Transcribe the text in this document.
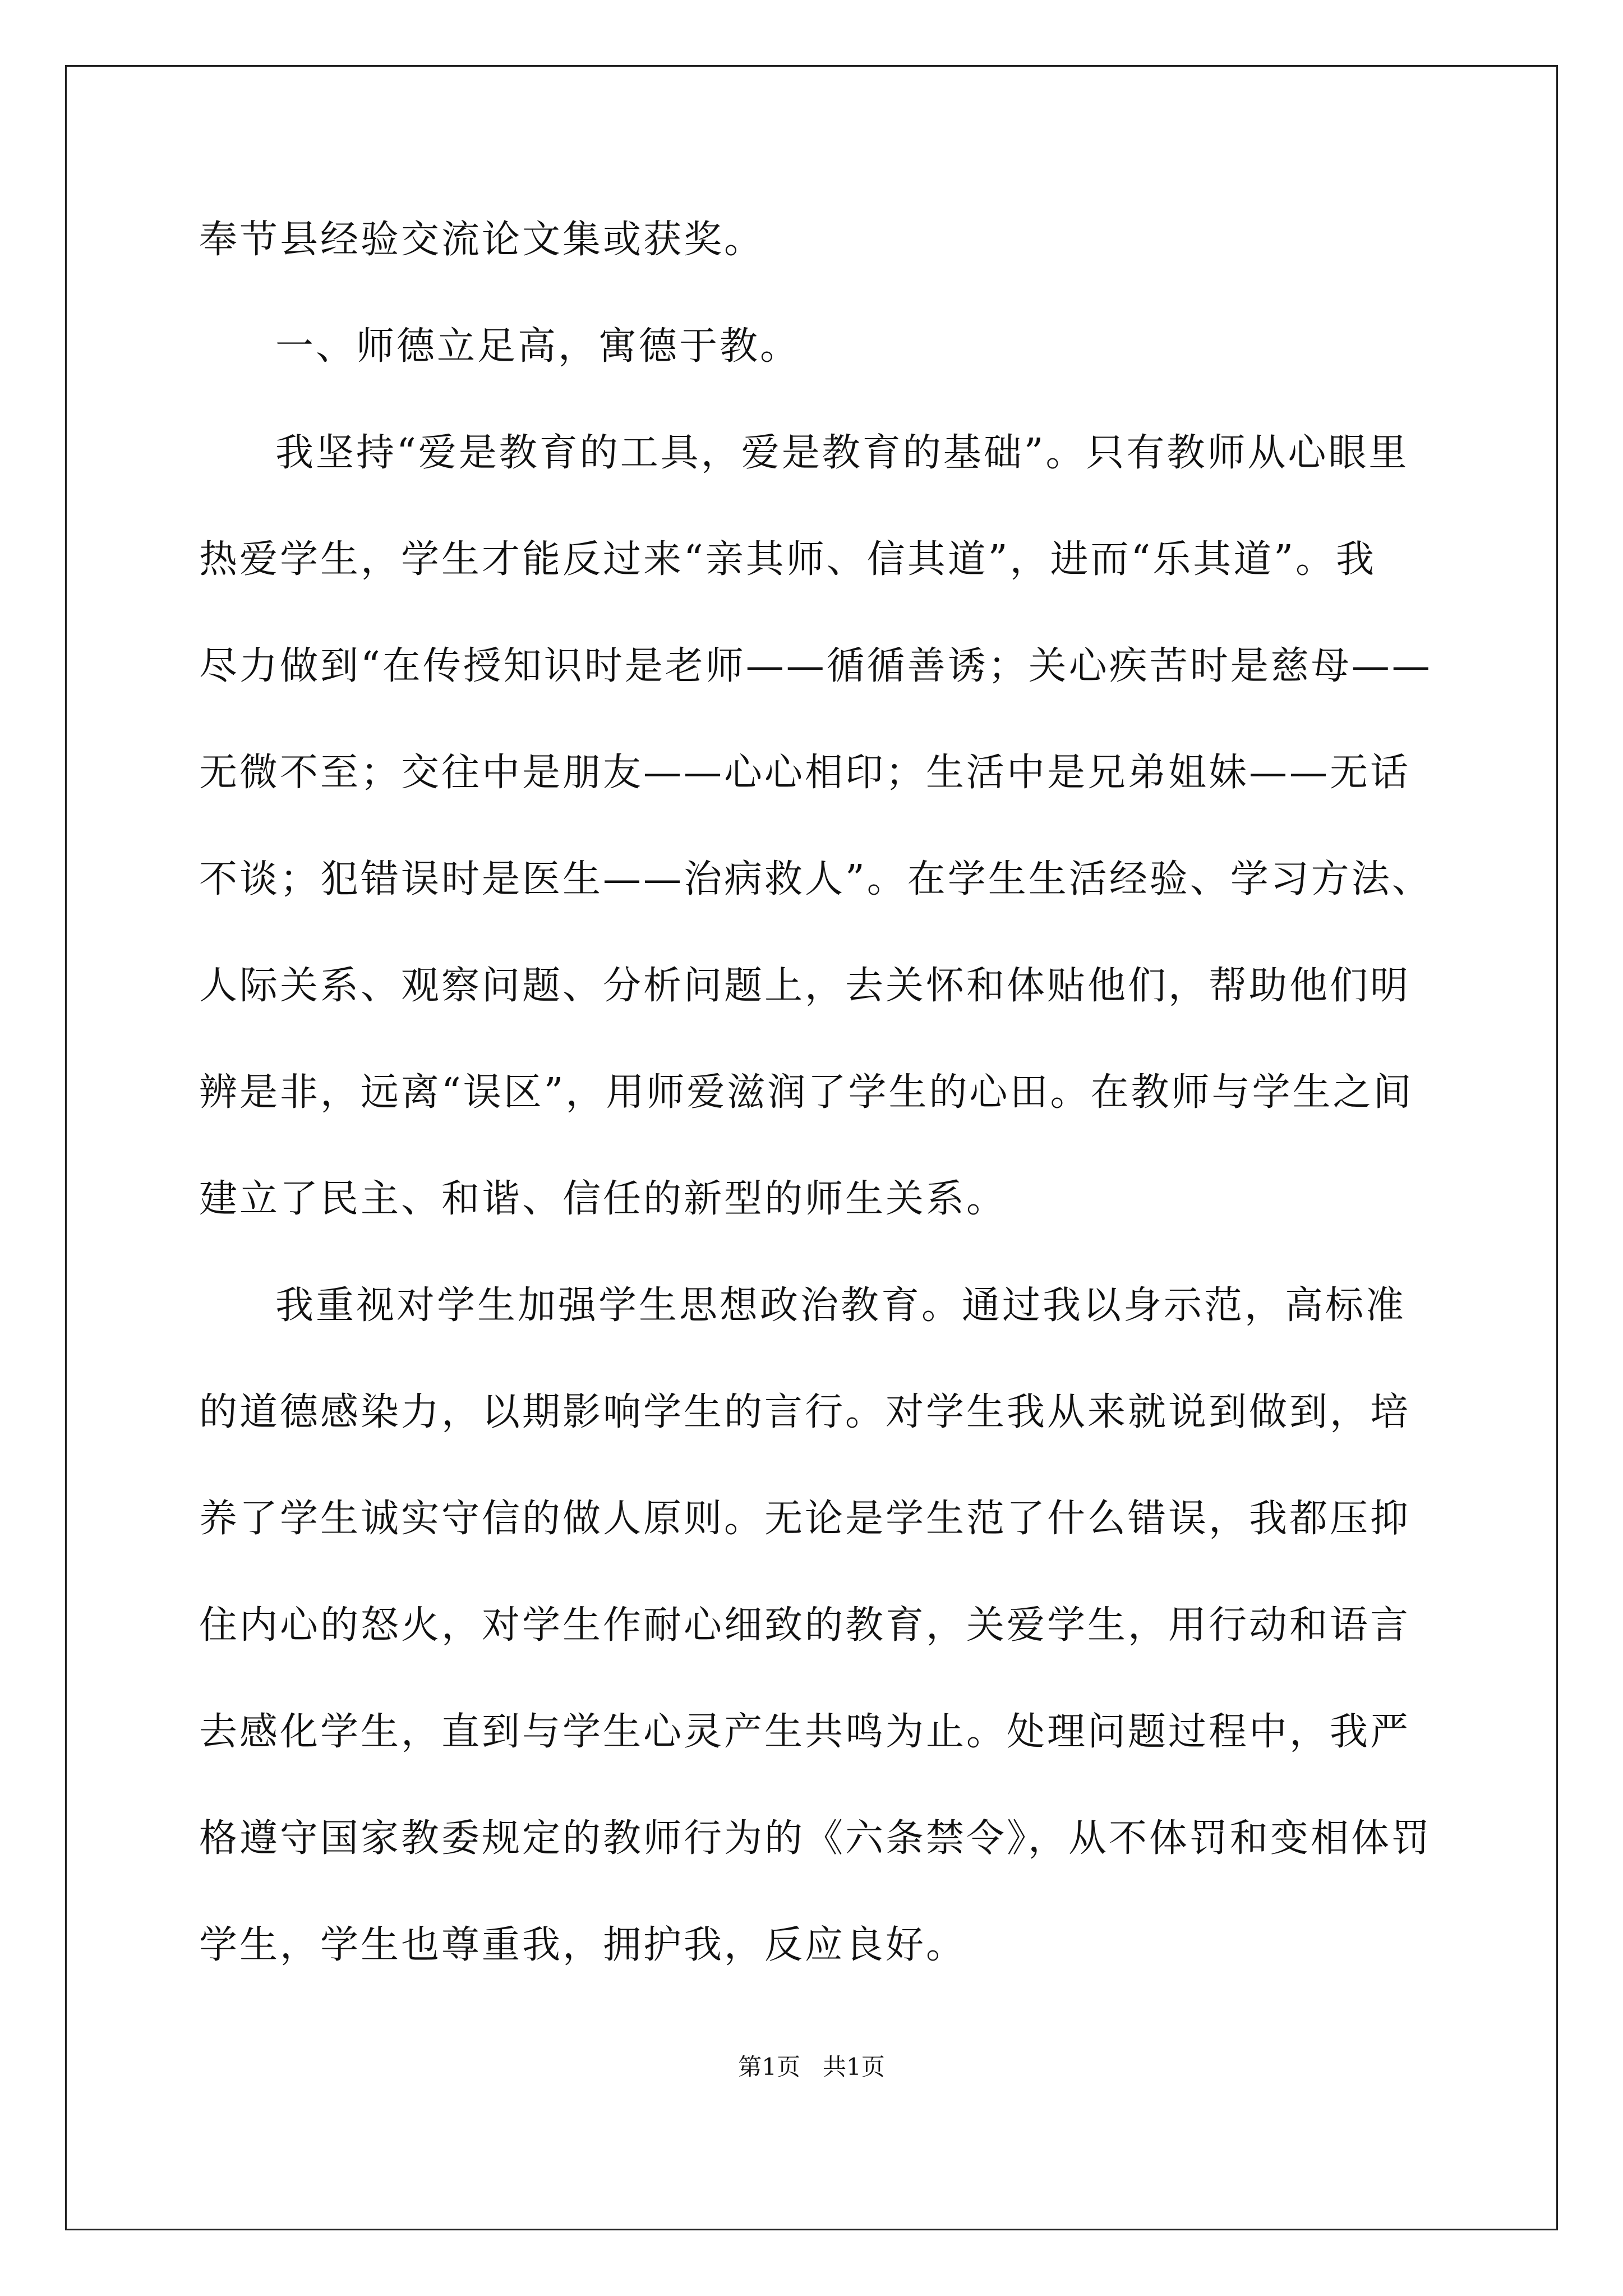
奉节县经验交流论文集或获奖。
一、师德立足高，寓德于教。
我坚持“爱是教育的工具，爱是教育的基础”。只有教师从心眼里
热爱学生，学生才能反过来“亲其师、信其道”，进而“乐其道”。我
尽力做到“在传授知识时是老师——循循善诱；关心疾苦时是慈母——
无微不至；交往中是朋友——心心相印；生活中是兄弟姐妹——无话
不谈；犯错误时是医生——治病救人”。在学生生活经验、学习方法、
人际关系、观察问题、分析问题上，去关怀和体贴他们，帮助他们明
辨是非，远离“误区”，用师爱滋润了学生的心田。在教师与学生之间
建立了民主、和谐、信任的新型的师生关系。
我重视对学生加强学生思想政治教育。通过我以身示范，高标准
的道德感染力，以期影响学生的言行。对学生我从来就说到做到，培
养了学生诚实守信的做人原则。无论是学生范了什么错误，我都压抑
住内心的怒火，对学生作耐心细致的教育，关爱学生，用行动和语言
去感化学生，直到与学生心灵产生共鸣为止。处理问题过程中，我严
格遵守国家教委规定的教师行为的《六条禁令》，从不体罚和变相体罚
学生，学生也尊重我，拥护我，反应良好。
第1页   共1页
